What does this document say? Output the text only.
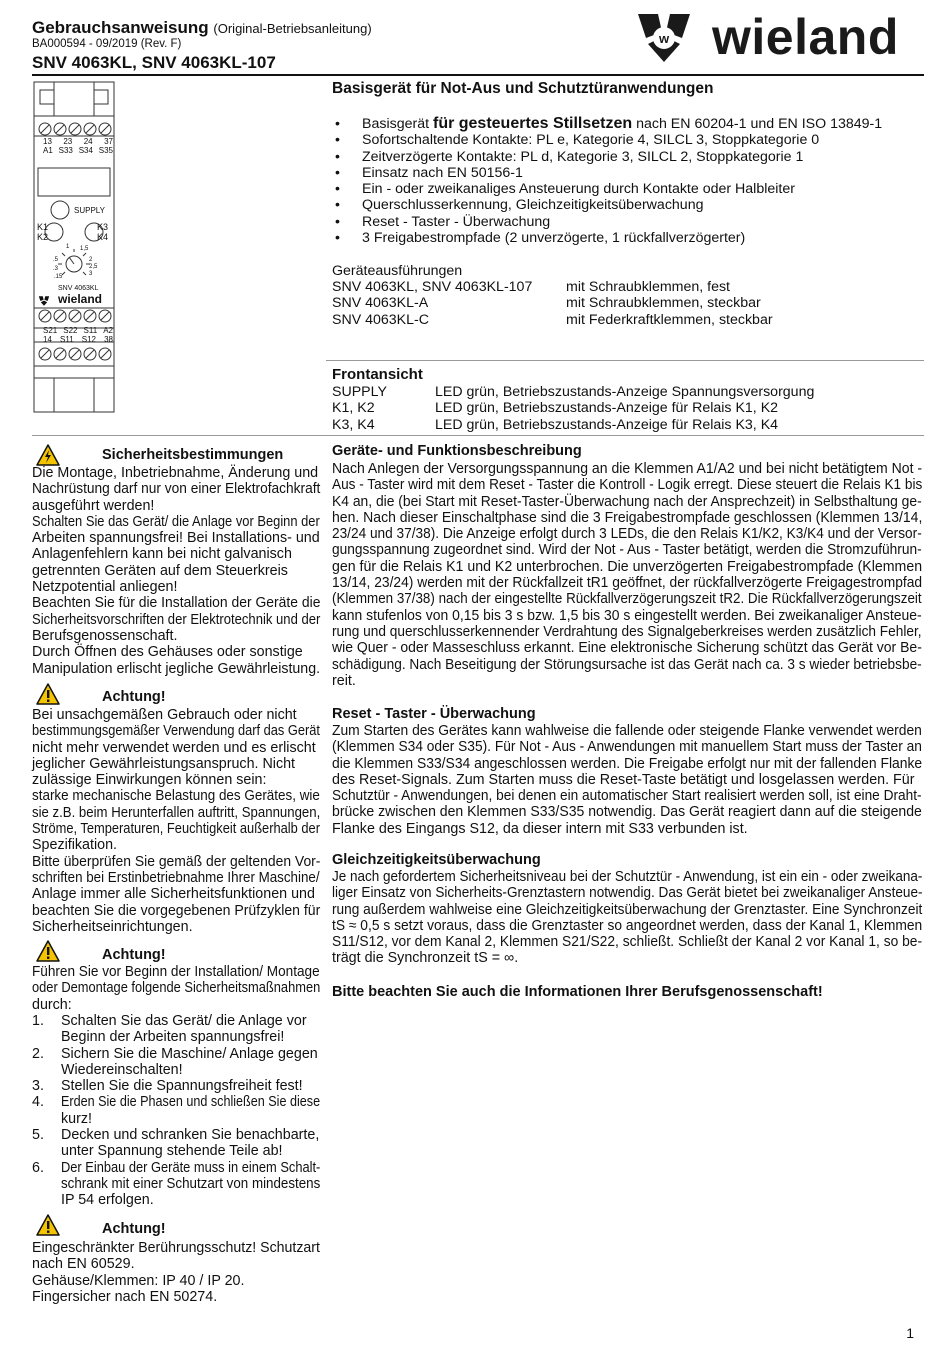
Gebrauchsanweisung (Original-Betriebsanleitung)
BA000594 - 09/2019 (Rev. F)
SNV 4063KL, SNV 4063KL-107
w wieland
13 23 24 37
A1 S33 S34 S35
SUPPLY
K1
K2
K3
K4
1 1,5
2
2,5
3
.5
.3
.15
SNV 4063KL
wieland
S21 S22 S11 A2
14 S11 S12 38
Basisgerät für Not-Aus und Schutztüranwendungen
• Basisgerät für gesteuertes Stillsetzen nach EN 60204-1 und EN ISO 13849-1
• Sofortschaltende Kontakte: PL e, Kategorie 4, SILCL 3, Stoppkategorie 0
• Zeitverzögerte Kontakte: PL d, Kategorie 3, SILCL 2, Stoppkategorie 1
• Einsatz nach EN 50156-1
• Ein - oder zweikanaliges Ansteuerung durch Kontakte oder Halbleiter
• Querschlusserkennung, Gleichzeitigkeitsüberwachung
• Reset - Taster - Überwachung
• 3 Freigabestrompfade (2 unverzögerte, 1 rückfallverzögerter)
Geräteausführungen
SNV 4063KL, SNV 4063KL-107	mit Schraubklemmen, fest
SNV 4063KL-A	mit Schraubklemmen, steckbar
SNV 4063KL-C	mit Federkraftklemmen, steckbar
Frontansicht
SUPPLY	LED grün, Betriebszustands-Anzeige Spannungsversorgung
K1, K2	LED grün, Betriebszustands-Anzeige für Relais K1, K2
K3, K4	LED grün, Betriebszustands-Anzeige für Relais K3, K4
Geräte- und Funktionsbeschreibung
Nach Anlegen der Versorgungsspannung an die Klemmen A1/A2 und bei nicht betätigtem Not -
Aus - Taster wird mit dem Reset - Taster die Kontroll - Logik erregt. Diese steuert die Relais K1 bis
K4 an, die (bei Start mit Reset-Taster-Überwachung nach der Ansprechzeit) in Selbsthaltung ge-
hen. Nach dieser Einschaltphase sind die 3 Freigabestrompfade geschlossen (Klemmen 13/14,
23/24 und 37/38). Die Anzeige erfolgt durch 3 LEDs, die den Relais K1/K2, K3/K4 und der Versor-
gungsspannung zugeordnet sind. Wird der Not - Aus - Taster betätigt, werden die Stromzuführun-
gen für die Relais K1 und K2 unterbrochen. Die unverzögerten Freigabestrompfade (Klemmen
13/14, 23/24) werden mit der Rückfallzeit tR1 geöffnet, der rückfallverzögerte Freigagestrompfad
(Klemmen 37/38) nach der eingestellte Rückfallverzögerungszeit tR2. Die Rückfallverzögerungszeit
kann stufenlos von 0,15 bis 3 s bzw. 1,5 bis 30 s eingestellt werden. Bei zweikanaliger Ansteue-
rung und querschlusserkennender Verdrahtung des Signalgeberkreises werden zusätzlich Fehler,
wie Quer - oder Masseschluss erkannt. Eine elektronische Sicherung schützt das Gerät vor Be-
schädigung. Nach Beseitigung der Störungsursache ist das Gerät nach ca. 3 s wieder betriebsbe-
reit.
Reset - Taster - Überwachung
Zum Starten des Gerätes kann wahlweise die fallende oder steigende Flanke verwendet werden
(Klemmen S34 oder S35). Für Not - Aus - Anwendungen mit manuellem Start muss der Taster an
die Klemmen S33/S34 angeschlossen werden. Die Freigabe erfolgt nur mit der fallenden Flanke
des Reset-Signals. Zum Starten muss die Reset-Taste betätigt und losgelassen werden. Für
Schutztür - Anwendungen, bei denen ein automatischer Start realisiert werden soll, ist eine Draht-
brücke zwischen den Klemmen S33/S35 notwendig. Das Gerät reagiert dann auf die steigende
Flanke des Eingangs S12, da dieser intern mit S33 verbunden ist.
Gleichzeitigkeitsüberwachung
Je nach gefordertem Sicherheitsniveau bei der Schutztür - Anwendung, ist ein ein - oder zweikana-
liger Einsatz von Sicherheits-Grenztastern notwendig. Das Gerät bietet bei zweikanaliger Ansteue-
rung außerdem wahlweise eine Gleichzeitigkeitsüberwachung der Grenztaster. Eine Synchronzeit
tS ≈ 0,5 s setzt voraus, dass die Grenztaster so angeordnet werden, dass der Kanal 1, Klemmen
S11/S12, vor dem Kanal 2, Klemmen S21/S22, schließt. Schließt der Kanal 2 vor Kanal 1, so be-
trägt die Synchronzeit tS = ∞.
Bitte beachten Sie auch die Informationen Ihrer Berufsgenossenschaft!
Sicherheitsbestimmungen
Die Montage, Inbetriebnahme, Änderung und
Nachrüstung darf nur von einer Elektrofachkraft
ausgeführt werden!
Schalten Sie das Gerät/ die Anlage vor Beginn der
Arbeiten spannungsfrei! Bei Installations- und
Anlagenfehlern kann bei nicht galvanisch
getrennten Geräten auf dem Steuerkreis
Netzpotential anliegen!
Beachten Sie für die Installation der Geräte die
Sicherheitsvorschriften der Elektrotechnik und der
Berufsgenossenschaft.
Durch Öffnen des Gehäuses oder sonstige
Manipulation erlischt jegliche Gewährleistung.
Achtung!
Bei unsachgemäßen Gebrauch oder nicht
bestimmungsgemäßer Verwendung darf das Gerät
nicht mehr verwendet werden und es erlischt
jeglicher Gewährleistungsanspruch. Nicht
zulässige Einwirkungen können sein:
starke mechanische Belastung des Gerätes, wie
sie z.B. beim Herunterfallen auftritt, Spannungen,
Ströme, Temperaturen, Feuchtigkeit außerhalb der
Spezifikation.
Bitte überprüfen Sie gemäß der geltenden Vor-
schriften bei Erstinbetriebnahme Ihrer Maschine/
Anlage immer alle Sicherheitsfunktionen und
beachten Sie die vorgegebenen Prüfzyklen für
Sicherheitseinrichtungen.
Achtung!
Führen Sie vor Beginn der Installation/ Montage
oder Demontage folgende Sicherheitsmaßnahmen
durch:
1. Schalten Sie das Gerät/ die Anlage vor
Beginn der Arbeiten spannungsfrei!
2. Sichern Sie die Maschine/ Anlage gegen
Wiedereinschalten!
3. Stellen Sie die Spannungsfreiheit fest!
4. Erden Sie die Phasen und schließen Sie diese
kurz!
5. Decken und schranken Sie benachbarte,
unter Spannung stehende Teile ab!
6. Der Einbau der Geräte muss in einem Schalt-
schrank mit einer Schutzart von mindestens
IP 54 erfolgen.
Achtung!
Eingeschränkter Berührungsschutz! Schutzart
nach EN 60529.
Gehäuse/Klemmen: IP 40 / IP 20.
Fingersicher nach EN 50274.
1
